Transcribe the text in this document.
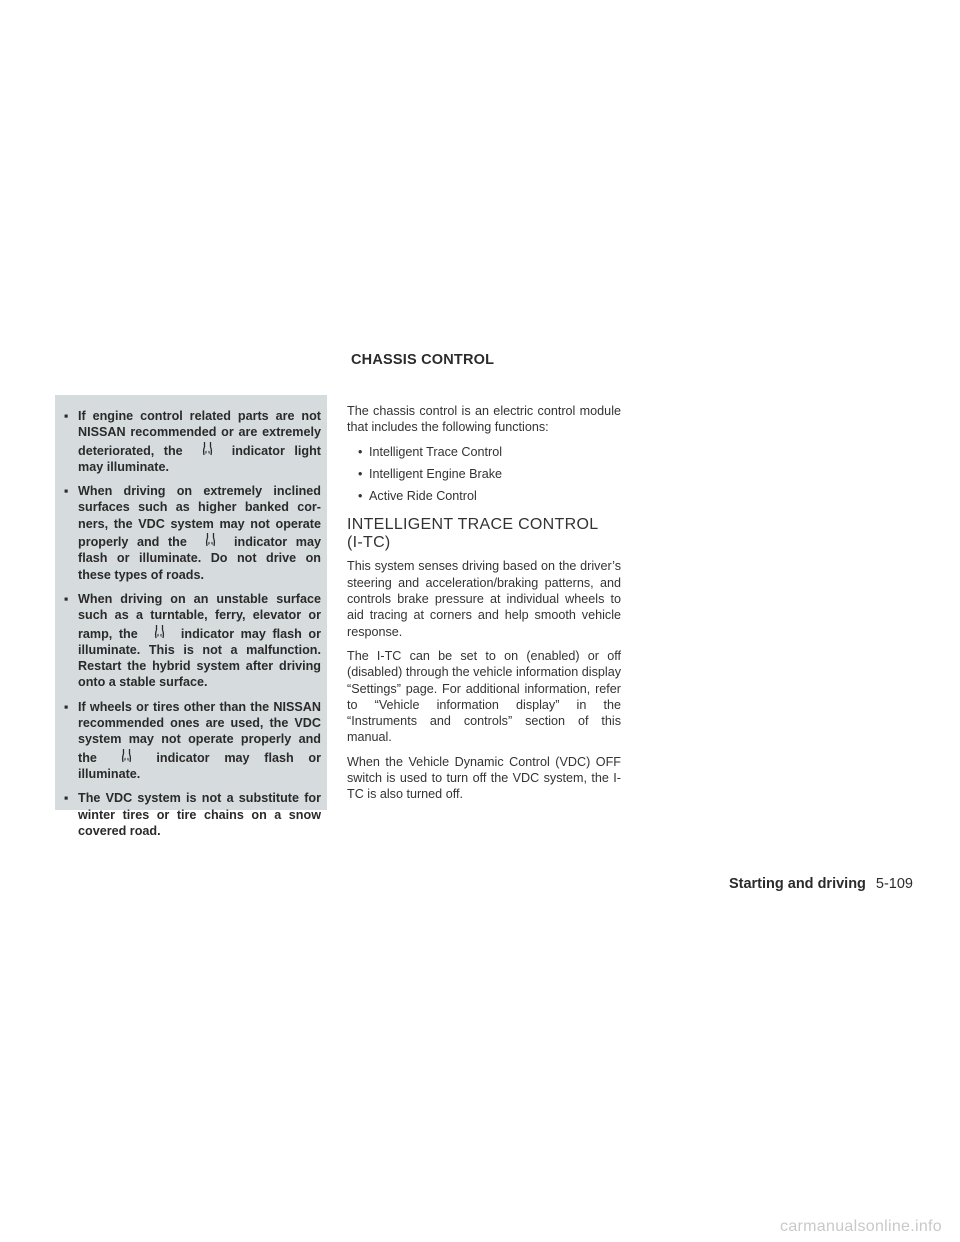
▪ If engine control related parts are not NISSAN recommended or are extremely deteriorated, the	indicator light may illuminate.
▪ When driving on extremely inclined surfaces such as higher banked corners, the VDC system may not operate properly and the	indicator may flash or illuminate. Do not drive on these types of roads.
▪ When driving on an unstable surface such as a turntable, ferry, elevator or ramp, the	indicator may flash or illuminate. This is not a malfunction. Restart the hybrid system after driving onto a stable surface.
▪ If wheels or tires other than the NISSAN recommended ones are used, the VDC system may not operate properly and the	indicator may flash or illuminate.
▪ The VDC system is not a substitute for winter tires or tire chains on a snow covered road.
CHASSIS CONTROL

The chassis control is an electric control module that includes the following functions:

• Intelligent Trace Control
• Intelligent Engine Brake
• Active Ride Control
INTELLIGENT TRACE CONTROL
(I-TC)

This system senses driving based on the driver’s steering and acceleration/braking patterns, and controls brake pressure at individual wheels to aid tracing at corners and help smooth vehicle response.

The I-TC can be set to on (enabled) or off (disabled) through the vehicle information display “Settings” page. For additional information, refer to “Vehicle information display” in the “Instruments and controls” section of this manual.

When the Vehicle Dynamic Control (VDC) OFF switch is used to turn off the VDC system, the I-TC is also turned off.

Starting and driving 5-109
carmanualsonline.info
